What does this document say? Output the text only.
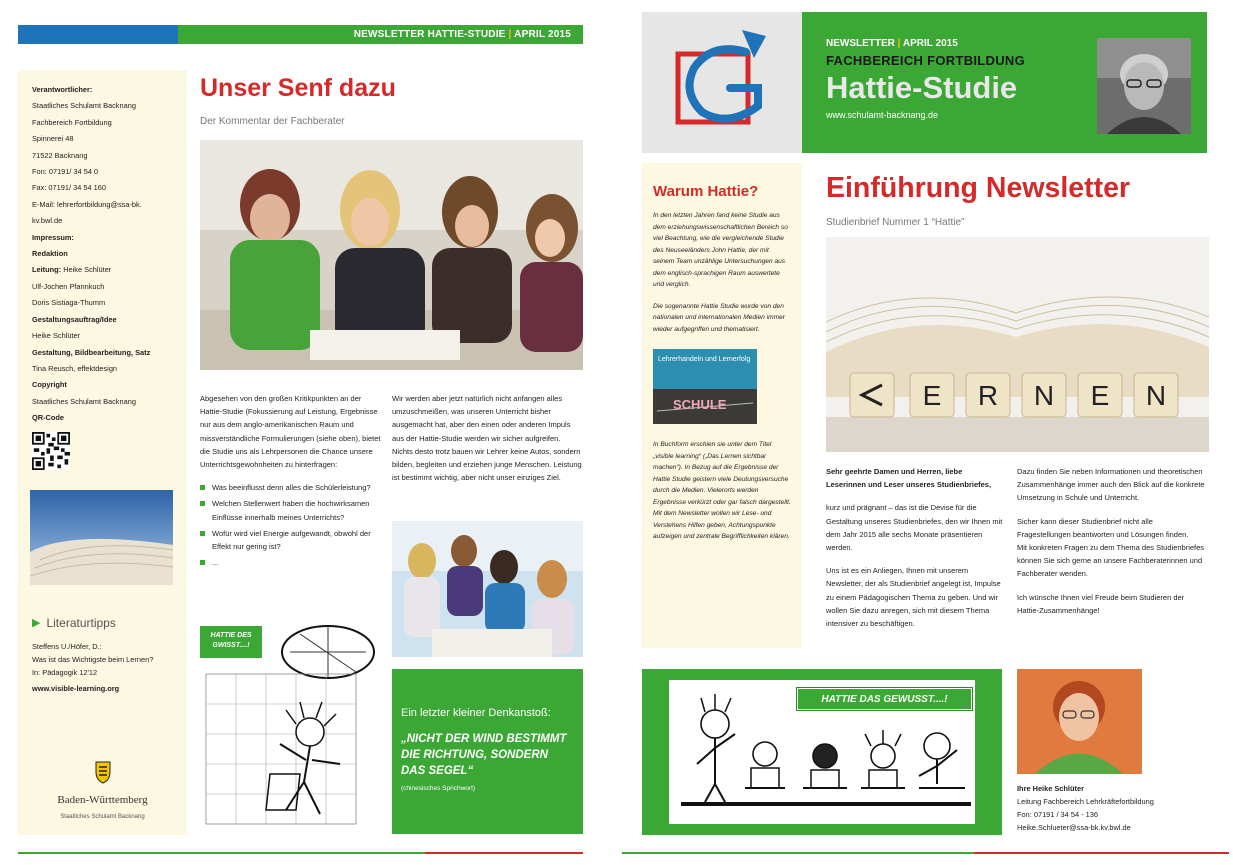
NEWSLETTER HATTIE-STUDIE | APRIL 2015
Verantwortlicher:
Staatliches Schulamt Backnang
Fachbereich Fortbildung
Spinnerei 48
71522 Backnang
Fon: 07191/ 34 54 0
Fax: 07191/ 34 54 160
E-Mail: lehrerfortbildung@ssa-bk.
kv.bwl.de
Impressum:
Redaktion
Leitung: Heike Schlüter
Ulf-Jochen Pfannkuch
Doris Sistiaga-Thumm
Gestaltungsauftrag/Idee
Heike Schlüter
Gestaltung, Bildbearbeitung, Satz
Tina Reusch, effektdesign
Copyright
Staatliches Schulamt Backnang
QR-Code

▶ Literaturtipps
Steffens U./Höfer, D.:
Was ist das Wichtigste beim Lernen?
In: Pädagogik 12'12
www.visible-learning.org
Baden-Württemberg
Staatliches Schulamt Backnang
Unser Senf dazu
Der Kommentar der Fachberater
Abgesehen von den großen Kritikpunkten an der Hattie-Studie (Fokussierung auf Leistung, Ergebnisse nur aus dem anglo-amerikanischen Raum und missverständliche Formulierungen (siehe oben), bietet die Studie uns als Lehrpersonen die Chance unsere Unterrichtsgewohnheiten zu hinterfragen:
Was beeinflusst denn alles die Schülerleistung?
Welchen Stellenwert haben die hochwirksamen Einflüsse innerhalb meines Unterrichts?
Wofür wird viel Energie aufgewandt, obwohl der Effekt nur gering ist?
...
Wir werden aber jetzt natürlich nicht anfangen alles umzuschmeißen, was unseren Unterricht bisher ausgemacht hat, aber den einen oder anderen Impuls aus der Hattie-Studie werden wir sicher aufgreifen. Nichts desto trotz bauen wir Lehrer keine Autos, sondern bilden, begleiten und erziehen junge Menschen. Leistung ist bestimmt wichtig, aber nicht unser einziges Ziel.
HATTIE DES GWISST....!
Ein letzter kleiner Denkanstoß:
„NICHT DER WIND BESTIMMT DIE RICHTUNG, SONDERN DAS SEGEL“
(chinesisches Sprichwort)
NEWSLETTER | APRIL 2015
FACHBEREICH FORTBILDUNG
Hattie-Studie
www.schulamt-backnang.de
Warum Hattie?
In den letzten Jahren fand keine Studie aus dem erziehungswissenschaftlichen Bereich so viel Beachtung, wie die vergleichende Studie des Neuseeländers John Hattie, der mit seinem Team unzählige Untersuchungen aus dem englisch-sprachigen Raum auswertete und verglich.
Die sogenannte Hattie Studie wurde von den nationalen und internationalen Medien immer wieder aufgegriffen und thematisiert.
Lehrerhandeln und Lernerfolg
SCHULE
In Buchform erschien sie unter dem Titel „visible learning“ („Das Lernen sichtbar machen“). In Bezug auf die Ergebnisse der Hattie Studie geistern viele Deutungsversuche durch die Medien. Vielerorts werden Ergebnisse verkürzt oder gar falsch dargestellt. Mit dem Newsletter wollen wir Lese- und Verstehens Hilfen geben, Achtungspunkte aufzeigen und zentrale Begrifflichkeiten klären.
Einführung Newsletter
Studienbrief Nummer 1 “Hattie”
E R N E N
Sehr geehrte Damen und Herren, liebe Leserinnen und Leser unseres Studienbriefes,
kurz und prägnant – das ist die Devise für die Gestaltung unseres Studienbriefes, den wir Ihnen mit dem Jahr 2015 alle sechs Monate präsentieren werden.
Uns ist es ein Anliegen, Ihnen mit unserem Newsletter, der als Studienbrief angelegt ist, Impulse zu einem Pädagogischen Thema zu geben. Und wir wollen Sie dazu anregen, sich mit diesem Thema intensiver zu beschäftigen.
Dazu finden Sie neben Informationen und theoretischen Zusammenhänge immer auch den Blick auf die konkrete Umsetzung in Schule und Unterricht.
Sicher kann dieser Studienbrief nicht alle Fragestellungen beantworten und Lösungen finden.
Mit konkreten Fragen zu dem Thema des Studienbriefes können Sie sich gerne an unsere Fachberaterinnen und Fachberater wenden.
Ich wünsche Ihnen viel Freude beim Studieren der Hattie-Zusammenhänge!
HATTIE DAS GEWUSST....!
Ihre Heike Schlüter
Leitung Fachbereich Lehrkräftefortbildung
Fon: 07191 / 34 54 - 136
Heike.Schlueter@ssa-bk.kv.bwl.de
